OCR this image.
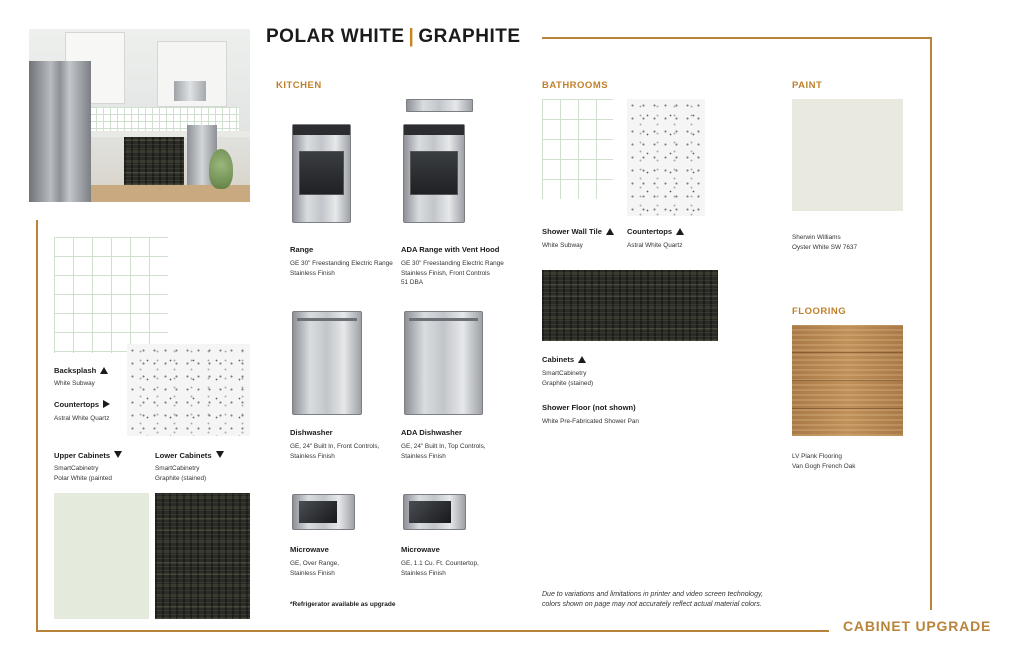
POLAR WHITE | GRAPHITE
KITCHEN	BATHROOMS	PAINT
FLOORING
Backsplash
White Subway
Countertops
Astral White Quartz
Upper Cabinets
SmartCabinetry
Polar White (painted
Lower Cabinets
SmartCabinetry
Graphite (stained)
Range
GE 30" Freestanding Electric Range
Stainless Finish
ADA Range with Vent Hood
GE 30" Freestanding Electric Range
Stainless Finish, Front Controls
51 DBA
Dishwasher
GE, 24" Built In, Front Controls,
Stainless Finish
ADA Dishwasher
GE, 24" Built In, Top Controls,
Stainless Finish
Microwave
GE, Over Range,
Stainless Finish
Microwave
GE, 1.1 Cu. Ft. Countertop,
Stainless Finish
*Refrigerator available as upgrade
Shower Wall Tile
White Subway
Countertops
Astral White Quartz
Cabinets
SmartCabinetry
Graphite (stained)
Shower Floor (not shown)
White Pre-Fabricated Shower Pan
Sherwin Williams
Oyster White SW 7637
LV Plank Flooring
Van Gogh French Oak
Due to variations and limitations in printer and video screen technology,
colors shown on page may not accurately reflect actual material colors.
CABINET UPGRADE
